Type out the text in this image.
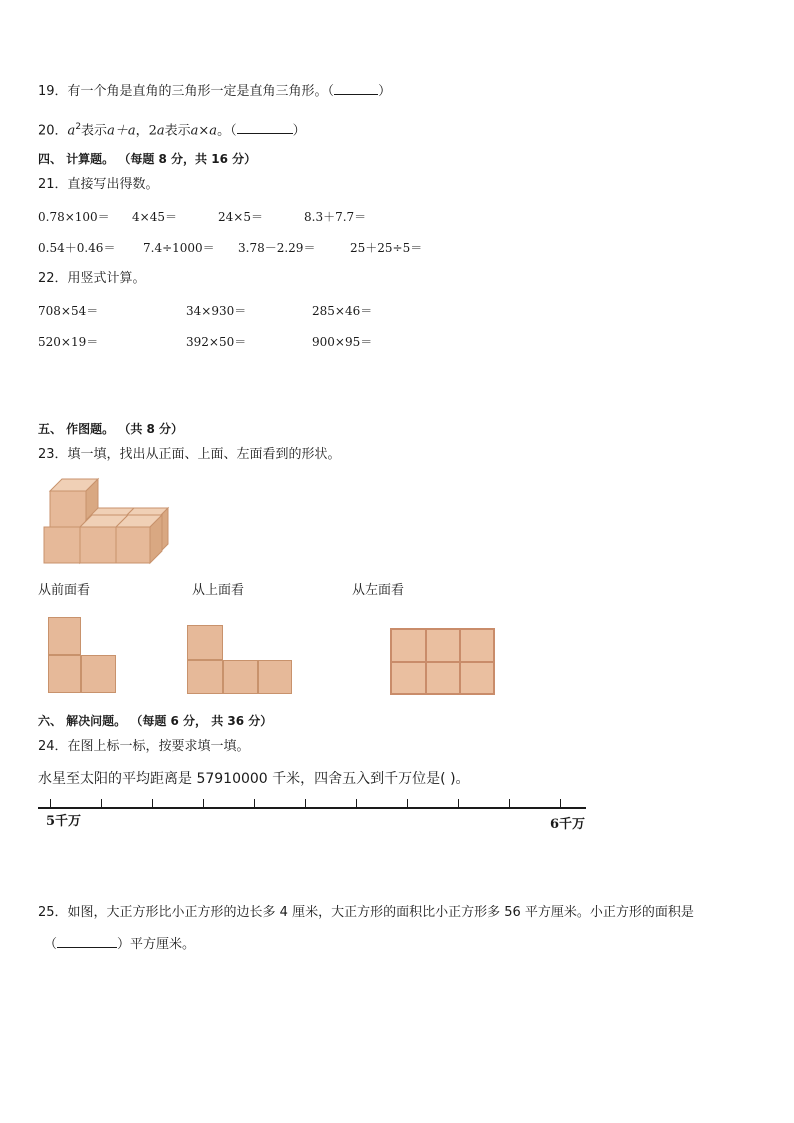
19．有一个角是直角的三角形一定是直角三角形。（	）
20．$a^2$表示a＋a，2a表示a×a。（	）
四、 计算题。 （每题 8 分，共 16 分）
21．直接写出得数。
0.78×100＝ 4×45＝	24×5＝	8.3＋7.7＝
0.54＋0.46＝ 7.4÷1000＝ 3.78－2.29＝	25＋25÷5＝
22．用竖式计算。
708×54＝	34×930＝	285×46＝
520×19＝	392×50＝	900×95＝
五、 作图题。 （共 8 分）
23．填一填，找出从正面、上面、左面看到的形状。
从前面看	从上面看	从左面看
六、 解决问题。 （每题 6 分， 共 36 分）
24．在图上标一标，按要求填一填。
水星至太阳的平均距离是 57910000 千米，四舍五入到千万位是( )。
5千万	6千万
25．如图，大正方形比小正方形的边长多 4 厘米，大正方形的面积比小正方形多 56 平方厘米。小正方形的面积是
（	）平方厘米。
